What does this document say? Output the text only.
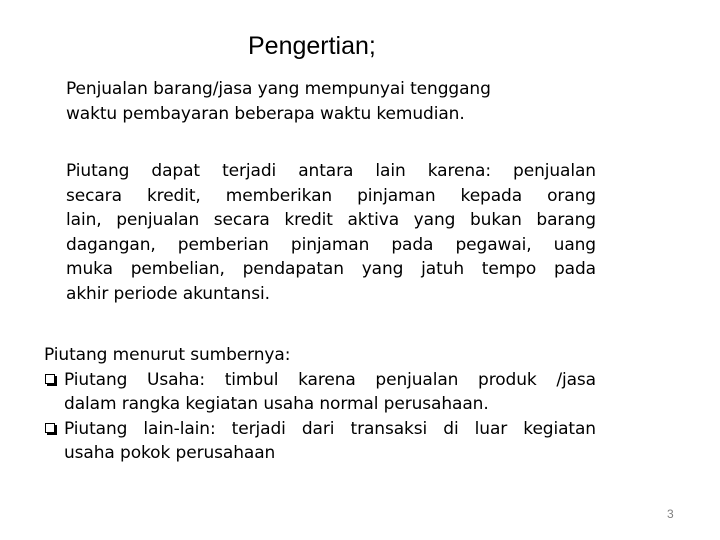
Pengertian;
Penjualan barang/jasa yang mempunyai tenggang
waktu pembayaran beberapa waktu kemudian.
Piutang dapat terjadi antara lain karena: penjualan
secara kredit, memberikan pinjaman kepada orang
lain, penjualan secara kredit aktiva yang bukan barang
dagangan, pemberian pinjaman pada pegawai, uang
muka pembelian, pendapatan yang jatuh tempo pada
akhir periode akuntansi.
Piutang menurut sumbernya:
Piutang Usaha: timbul karena penjualan produk /jasa
dalam rangka kegiatan usaha normal perusahaan.
Piutang lain-lain: terjadi dari transaksi di luar kegiatan
usaha pokok perusahaan
3
